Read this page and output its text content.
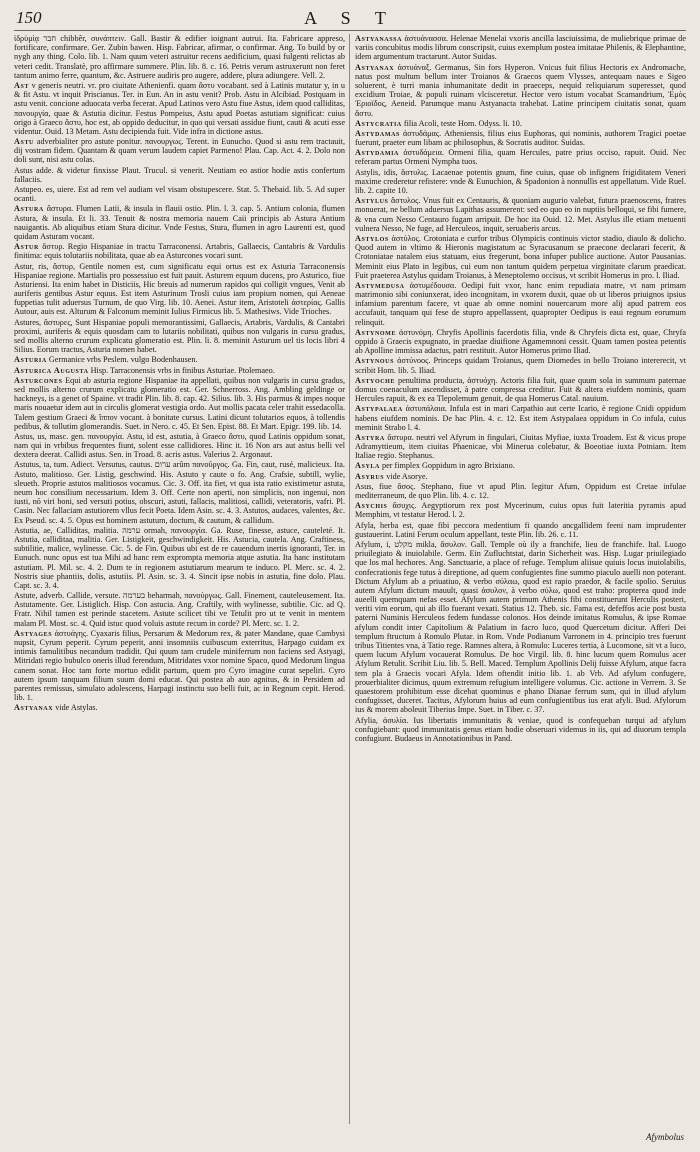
150	A S T

ἱδρὺμὶᾳ חבר chibbêr, συνάπτειν. Gall. Bastir & edifier ioignant autrui. Ita. Fabricare appreso, fortificare, confirmare. Ger. Zubin bawen. Hisp. Fabricar, afirmar, o confirmar. Ang. To build by or nygh any thing. Colo. lib. 1. Nam quum veteri astruitur recens aedificium, quasi fulgenti relictas ab veteri cedit. Translatè, pro affirmare summere. Plin. lib. 8. c. 16. Petris verum astruxerunt non feret tantum animo ferre, quantum, &c. Astruere audiris pro augere, addere, plura adiungere. Vell. 2.

Ast v generis neutri. vr. pro ciuitate Athenienfi. quam ἄστυ vocabant. sed à Latinis mutatur y, in u & fit Astu. vt inquit Priscianus. Ter. in Eun. An in astu venit? Prob. Astu in Alcibiad. Postquam in astu venit. concione aduocata verba fecerat. Apud Latinos vero Astu fiue Astus, idem quod calliditas, πανουργία, quae & Astutia dicitur. Festus Pompeius, Astu apud Poetas astutiam significat: cuius origo à Graeco ἄστυ, hoc est, ab oppido deducitur, in quo qui versati assidue fiunt, cauti & acuti esse videntur. Ouid. 13 Metam. Astu decipienda fuit. Vide infra in dictione astus.

Astu adverbialiter pro astute ponitur. πανουργως. Terent. in Eunucho. Quod si astu rem tractauit, dij vostram fidem. Quantam & quam verum laudem capiet Parmeno! Plau. Cap. Act. 4. 2. Dolo non doli sunt, nisi astu colas.

Astus adde. & videtur finxisse Plaut. Trucul. si venerit. Neutiam eo astior hodie astis confertum fallaciis.

Astupeo. es, uiere. Est ad rem vel audiam vel visam obstupescere. Stat. 5. Thebaid. lib. 5. Ad super ocanti.

Astura ἄστυρα. Flumen Latii, & insula in flauii ostio. Plin. l. 3. cap. 5. Antium colonia, flumen Astura, & insula. Et li. 33. Tenuit & nostra memoria nauem Caii principis ab Astura Antium nauigantis. Ab aliquibus etiam Stura dicitur. Vnde Festus, Stura, flumen in agro Laurenti est, quod quidam Asturam vocant.

Astur ἄστυρ. Regio Hispaniae in tractu Tarraconensi. Artabris, Gallaecis, Cantabris & Vardulis finitima: equis tolutariis nobilitata, quae ab ea Asturcones vocari sunt.

Astur, ris, ἄστυρ, Gentile nomen est, cum significatu equi ortus est ex Asturia Tarraconensis Hispaniae regione. Martialis pro possessiuo est fuit pauit. Asturem equum ducens, pro Asturico, fiue Asturiensi. Ita enim habet in Disticiis, Hic breuis ad numerum rapidos qui colligit vngues, Venit ab auriferis gentibus Astur equus. Est item Asturinum Trosli cuius iam propium nomen, qui Aeneae fuppetias tulit aduersus Turnum, de quo Virg. lib. 10. Aenei. Astur item, Aristoteli ἀστερίας. Gallis Autour, auis est. Alturum & Falconum meminit Iulius Firmicus lib. 5. Mathesiws. Vide Trioches.

Astures, ἄστυρες, Sunt Hispaniae populi memorantissimi, Gallaecis, Artabris, Vardulis, & Cantabri proximi, auriferis & equis quosdam cam to lutariis nobilitati, quibus non vulgaris in cursu gradus, sed mollis alterno crurum explicatu glomeratio est. Plin. li. 8. meminit Asturum uel tis locis libri 4 Silius. Eorum tractus, Asturia nomen habet.

Asturia Germanice vrbs Peslem. vulgo Bodenhausen.

Asturica Augusta Hisp. Tarraconensis vrbs in finibus Asturiae. Ptolemaeo.

Asturcones Equi ab asturia regione Hispaniae ita appellati, quibus non vulgaris in cursu gradus, sed mollis alterno crurum explicatu glomeratio est. Ger. Schnerross. Ang. Ambling geldinge or hackneys, is a genet of Spaine. vt tradit Plin. lib. 8. cap. 42. Silius. lib. 3. His parmus & impes noque maris nouaetur idem aut in circulis glomerat vestigia ordo. Aut mollis pacata celer trahit essedacolla. Talem gestium Graeci & ἵππον vocant. à bonitate cursus. Latini dicunt tolutarios equos, à tollendis pedibus, & tollutim glomerandis. Suet. in Nero. c. 45. Et Sen. Epist. 88. Et Mart. Epigr. 199. lib. 14.

Astus, us, masc. gen. πανουργία. Astu, id est, astutia, à Graeco ἄστυ, quod Latinis oppidum sonat, nam qui in vrbibus frequentes fiunt, solent esse callidiores. Hinc it. 16 Non ars aut astus belli vel dextera deerat. Callidi astus. Sen. in Troad. 8. acris astus. Valerius 2. Argonaut.

Astutus, ta, tum. Adiect. Versutus, cautus. ערום arûm πανοῦργος. Ga. Fin, caut, rusé, malicieux. Ita. Astuto, malitioso. Ger. Listig, geschwind. His. Astuto y caute o fo. Ang. Crafsie, subtill, wylie, sleueth. Proprie astutos malitiosos vocamus. Cic. 3. Off. ita fiet, vt qua ista ratio existimetur astuta, neum hoc consilium necessarium. Idem 3. Off. Certe non aperti, non simplicis, non ingenui, non iusti, nō viri boni, sed versuti potius, obscuri, astuti, fallacis, malitiosi, callidi, veteratoris, vafri. Pl. Casin. Nec fallaciam astutiorem vllus fecit Poeta. Idem Asin. sc. 4. 3. Astutos, audaces, valentes, &c. Ex Pseud. sc. 4. 5. Opus est hominem astutum, doctum, & cautum, & callidum.

Astutia, ae, Calliditas, malitia. ערמה ormah, πανουργία. Ga. Ruse, finesse, astuce, cauteleté. It. Astutia, calliditaa, malitia. Ger. Listigkeit, geschwindigkeit. His. Astucia, cautela. Ang. Craftiness, subtilitie, malice, wylinesse. Cic. 5. de Fin. Quibus ubi est de re cauendum inertis ignoranti, Ter. in Eunuch. nunc opus est tua Mihi ad hanc rem exprompta memoria atque astutia. Ita hanc institutam astutiam. Pl. Mil. sc. 4. 2. Dum te in regionem astutiarum mearum te induco. Pl. Merc. sc. 4. 2. Nostris siue phantiis, dolis, astutiis. Pl. Asin. sc. 3. 4. Sincit ipse nobis in astutia, fine dolo. Plau. Capt. sc. 3. 4.

Astute, adverb. Callide, versute. בערמה beharmah, πανούργως. Gall. Finement, cauteleusement. Ita. Astutamente. Ger. Listiglich. Hisp. Con astucia. Ang. Craftily, with wylinesse, subtilie. Cic. ad Q. Fratr. Nihil tamen est perinde stacetem. Astute scilicet tibi ve Tetulit pro ut te venit in mentem malam Pl. Most. sc. 4. Quid istuc quod voluis astute recum in corde? Pl. Merc. sc. 1. 2.

Astyages ἀστυάγης. Cyaxaris filius, Persarum & Medorum rex, & pater Mandane, quae Cambysi nupsit, Cyrum peperit. Cyrum peperit, anni insomniis cuibuscum exterritus, Harpago cuidam ex intimis famulitibus necandum tradidit. Qui quum tam crudele miniferrum non faciens sed Astyagi, Mitridati regio bubulco oneris illud ferendum, Mitridates vxor nomine Spaco, quod Medorum lingua canem sonat. Hoc tam forte mortuo edidit partum, quem pro Cyro imagine curat sepeliri. Cyro autem ipsum tanquam filium suum domi educat. Qui postea ab auo agnitus, & in Persidem ad parentes remissus, simulato adolescens, Harpagi instinctu suo belli fuit, ac in Regnum cepit. Herod. lib. 1.

Astyanax vide Astylas.

Astyanassa ἀστυάνασσα. Helenae Menelai vxoris ancilla lasciuissima, de muliebrique primae de variis concubitus modis librum conscripsit, cuius exemplum postea imitatae Philenis, & Elephantine, idem argumentum tractarunt. Autor Suidas.

Astyanax ἀστυάναξ. Germanus, Sin fors Hyperon. Vnicus fuit filius Hectoris ex Andromache, natus post multum bellum inter Troianos & Graecos quem Vlysses, antequam naues e Sigeo soluerent, è turri mania inhumanitate dedit in praeceps, nequid reliquiarum superesset, quod excidium Troiae, & populi ruinam vlcisceretur. Hector vero istum vocabat Scamandrium, Ἐμὸς Ἐριοϊδος, Aeneid. Parumque manu Astyanacta trahebat. Latine principem ciuitatis sonat, quam ἄστυ.

Astycratia filia Acoli, teste Hom. Odyss. li. 10.

Astydamas ἀστυδάμας. Atheniensis, filius eius Euphoras, qui nominis, authorem Tragici poetae fuerunt, praeter eum libam ac philosophus, & Socratis auditor. Suidas.

Astydamia ἀστυδάμεια. Ormeni filia, quam Hercules, patre prius occiso, rapuit. Ouid. Nec referam partus Ormeni Nympha tuos.

Astylis, idis, ἄστυλις. Lacaenae potentis gnum, fine cuius, quae ob infignem frigiditatem Veneri maxime crederetur refistere: vnde & Eunuchion, & Spadonion à nonnullis est appellatum. Vide Ruel. lib. 2. capite 10.

Astylus ἄστυλος. Vnus fuit ex Centauris, & quoniam augurio valebat, futura praenoscens, fratres monuerat, ne bellum aduersus Lapithas assumerent: sed eo quo eo in nuptiis belloqui, se fibi fumere, & vna cum Nesso Centauro fugam arripuit. De hoc ita Ouid. 12. Met. Astylus ille etiam metuenti vulnera Nesso, Ne fuge, ad Herculeos, inquit, seruaberis arcus.

Astylos ἀστύλος. Crotoniata e curfor tribus Olympicis continuis victor stadio, diaulo & dolicho. Quod autem in vltimo & Hieronis magistatum ac Syracusanum se praecone declarari fecerit, & Crotoniatae natalem eius statuam, eius fregerunt, bona infuper publice auctione. Autor Pausanias. Meminit eius Plato in legibus, cui eum non tantum quidem perpetua virginitate clarum praedicat. Fuit praeterea Astylus quidam Troianus, à Meneptolemo occisus, vt scribit Homerus in pro. l. Iliad.

Astymedusa ἀστυμέδουσα. Oedipi fuit vxor, hanc enim repudiata matre, vt nam primam matrimonio sibi coniunxerat, ideo incognitam, in vxorem duxit, quae ob ut liberos priuignos ipsius infamium parentum facere, vt quae ab omne nomini nouercarum more alij apud patrem eos accufauit, tanquam qui fese de stupro appellassent, quapropter Oedipus is eaui regnum eorumum relinquit.

Astynome ἀστυνόμη. Chryfis Apollinis facerdotis filia, vnde & Chryfeis dicta est, quae, Chryfa oppido à Graecis expugnato, in praedae diuifione Agamemnoni cessit. Quam tamen postea petentis ab Apolline immissa adactus, patri restituit. Autor Homerus primo Iliad.

Astynous ἀστύνοος. Princeps quidam Troianus, quem Diomedes in bello Troiano intererecit, vt scribit Hom. lib. 5. Iliad.

Astyoche penultima producta, ἀστυόχη. Actoris filia fuit, quae quum sola in summum paternae domus coenaculum ascendisset, à patre compressa creditur. Fuit & altera eiufdem nominis, quam Hercules rapuit, & ex ea Tlepolemum genuit, de qua Homerus Catal. nauium.

Astypalaea ἀστυπάλαια. Infula est in mari Carpathio aut certe Icario, è regione Cnidi oppidum habens eiufdem nominis. De hac Plin. 4. c. 12. Est item Astypalaea oppidum in Co infula, cuius meminit Strabo l. 4.

Astyra ἄστυρα. neutri vel Afyrum in fingulari, Ciuitas Myfiae, iuxta Troadem. Est & vicus prope Adramyttieum, item ciuitas Phaenicae, vbi Minerua colebatur, & Boeotiae iuxta Potniam. Item Italiae regio. Stephanus.

Asyla per fimplex Goppidum in agro Brixiano.

Asyrus vide Asorye.

Asus, fiue ἄσος. Stephano, fiue vt apud Plin. legitur Afum, Oppidum est Cretae infulae mediterraneum, de quo Plin. lib. 4. c. 12.

Asychis ἄσυχις. Aegyptiorum rex post Mycerinum, cuius opus fuit lateritia pyramis apud Memphim, vt testatur Herod. l. 2.

Afyla, herba est, quae fibi peccora medentium fi quando ancgallidem feeni nam imprudenter gustauerint. Latini Ferum oculum appellant, teste Plin. lib. 26. c. 11.

Afylum, i, מקלט mikla, ἄσυλον. Gall. Temple où ily a franchife, lieu de franchife. Ital. Luogo priuilegiato & inuiolabile. Germ. Ein Zufluchtstat, darin Sicherheit was. Hisp. Lugar priuilegiado que los mal hechores. Ang. Sanctuarie, a place of refuge. Templum aliisue quiuis locus inuiolabilis, confecrationis fege tutus à direptione, ad quem confugientes fine summo piaculo auelli non poterant. Dictum Afylum ab a priuatiuo, & verbo σύλαω, quod est rapio praedor, & facile spolio. Seruius autem Afylum dictum mauult, quasi ἀσυλον, à verbo σύλω, quod est traho: propterea quod inde aueelli quemquam nefas esset. Afylum autem primum Athenis fibi constituerunt Herculis posteri, veriti vim eorum, qui ab illo fuerant vexati. Statius 12. Theb. sic. Fama est, defeffos acie post busta paterni Numinis Herculeos fedem fundasse colonos. Hos deinde imitatus Romulus, & ipse Romae afylum condit inter Capitolium & Palatium in facro luco, quod Quercetum dicitur. Afferi Dei templum ftructum à Romulo Plutar. in Rom. Vnde Podianum Varronem in 4. principio tres fuerunt tribus Titientes vna, à Tatio rege. Ramnes altera, à Romulo: Luceres tertia, à Lucomone, sit vt a luco, quem lucum Afylum vocauerat Romulus. De hoc Virgil. lib. 8. hinc lucum quem Romulus acer Afylum Retulit. Scribit Liu. lib. 5. Bell. Maced. Templum Apollinis Delij fuisse Afylum, atque facra tem pla à Graecis vocari Afyla. Idem oftendit initio lib. 1. ab Vrb. Ad afylum confugere, prouerbialiter dicimus, quum extremum refugium intelligere volumus. Cic. actione in Verrem. 3. Se quaestorem prohibitum esse dicebat quominus e phano Dianae ferrum sum, qui in illud afylum confugisset, duceret. Tacitus, Afylorum huius ad eum confugientibus ius erat afyli. Bud. Afylorum ius & morem aboleuit Tiberius Impe. Suet. in Tiber. c. 37.

Afylia, ἀσυλία. Ius libertatis immunitatis & veniae, quod is confequeban turqui ad afylum confugiebant: quod immunitatis genus etiam hodie obseruari videmus in iis, qui ad diuorum templa confugiunt. Budaeus in Annotationibus in Pand.

Afymbolus
